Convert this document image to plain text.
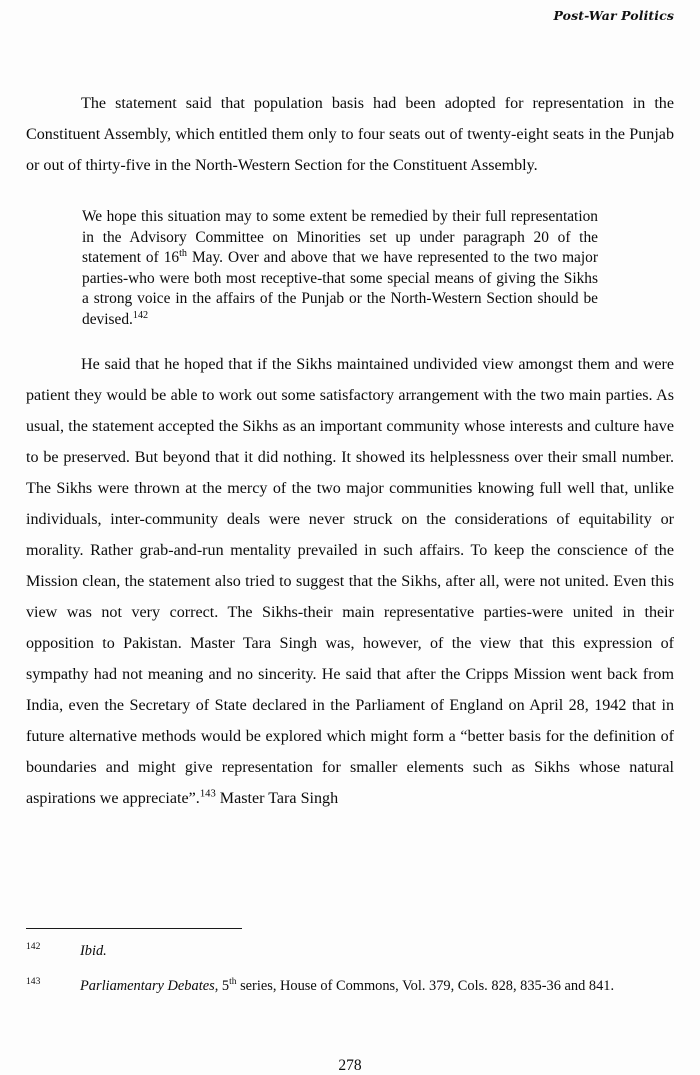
Post-War Politics

The statement said that population basis had been adopted for representation in the Constituent Assembly, which entitled them only to four seats out of twenty-eight seats in the Punjab or out of thirty-five in the North-Western Section for the Constituent Assembly.

We hope this situation may to some extent be remedied by their full representation in the Advisory Committee on Minorities set up under paragraph 20 of the statement of 16th May. Over and above that we have represented to the two major parties-who were both most receptive-that some special means of giving the Sikhs a strong voice in the affairs of the Punjab or the North-Western Section should be devised.$^{142}$

He said that he hoped that if the Sikhs maintained undivided view amongst them and were patient they would be able to work out some satisfactory arrangement with the two main parties. As usual, the statement accepted the Sikhs as an important community whose interests and culture have to be preserved. But beyond that it did nothing. It showed its helplessness over their small number. The Sikhs were thrown at the mercy of the two major communities knowing full well that, unlike individuals, inter-community deals were never struck on the considerations of equitability or morality. Rather grab-and-run mentality prevailed in such affairs. To keep the conscience of the Mission clean, the statement also tried to suggest that the Sikhs, after all, were not united. Even this view was not very correct. The Sikhs-their main representative parties-were united in their opposition to Pakistan. Master Tara Singh was, however, of the view that this expression of sympathy had not meaning and no sincerity. He said that after the Cripps Mission went back from India, even the Secretary of State declared in the Parliament of England on April 28, 1942 that in future alternative methods would be explored which might form a “better basis for the definition of boundaries and might give representation for smaller elements such as Sikhs whose natural aspirations we appreciate”.$^{143}$ Master Tara Singh

142	Ibid.
143	Parliamentary Debates, 5th series, House of Commons, Vol. 379, Cols. 828, 835-36 and 841.
278
